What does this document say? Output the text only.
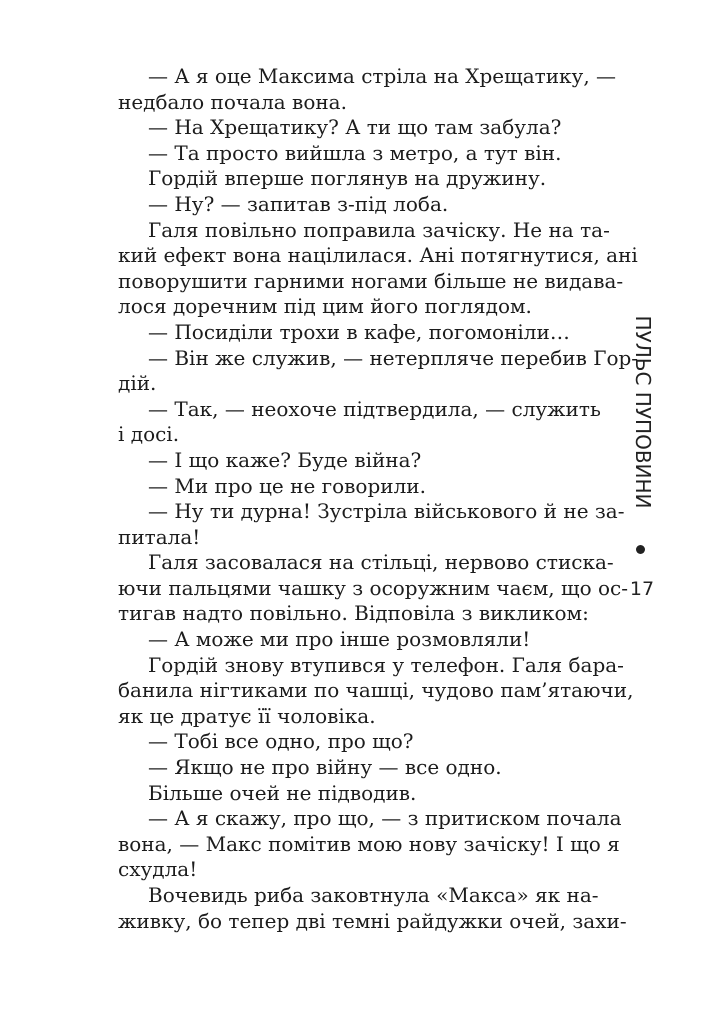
— А я оце Максима стріла на Хрещатику, —
недбало почала вона.
— На Хрещатику? А ти що там забула?
— Та просто вийшла з метро, а тут він.
Гордій вперше поглянув на дружину.
— Ну? — запитав з-під лоба.
Галя повільно поправила зачіску. Не на та-
кий ефект вона націлилася. Ані потягнутися, ані
поворушити гарними ногами більше не видава-
лося доречним під цим його поглядом.
— Посиділи трохи в кафе, погомоніли…
— Він же служив, — нетерпляче перебив Гор-
дій.
— Так, — неохоче підтвердила, — служить
і досі.
— І що каже? Буде війна?
— Ми про це не говорили.
— Ну ти дурна! Зустріла військового й не за-
питала!
Галя засовалася на стільці, нервово стиска-
ючи пальцями чашку з осоружним чаєм, що ос-
тигав надто повільно. Відповіла з викликом:
— А може ми про інше розмовляли!
Гордій знову втупився у телефон. Галя бара-
банила нігтиками по чашці, чудово пам’ятаючи,
як це дратує її чоловіка.
— Тобі все одно, про що?
— Якщо не про війну — все одно.
Більше очей не підводив.
— А я скажу, про що, — з притиском почала
вона, — Макс помітив мою нову зачіску! І що я
схудла!
Вочевидь риба заковтнула «Макса» як на-
живку, бо тепер дві темні райдужки очей, захи-
ПУЛЬС ПУПОВИНИ
17
